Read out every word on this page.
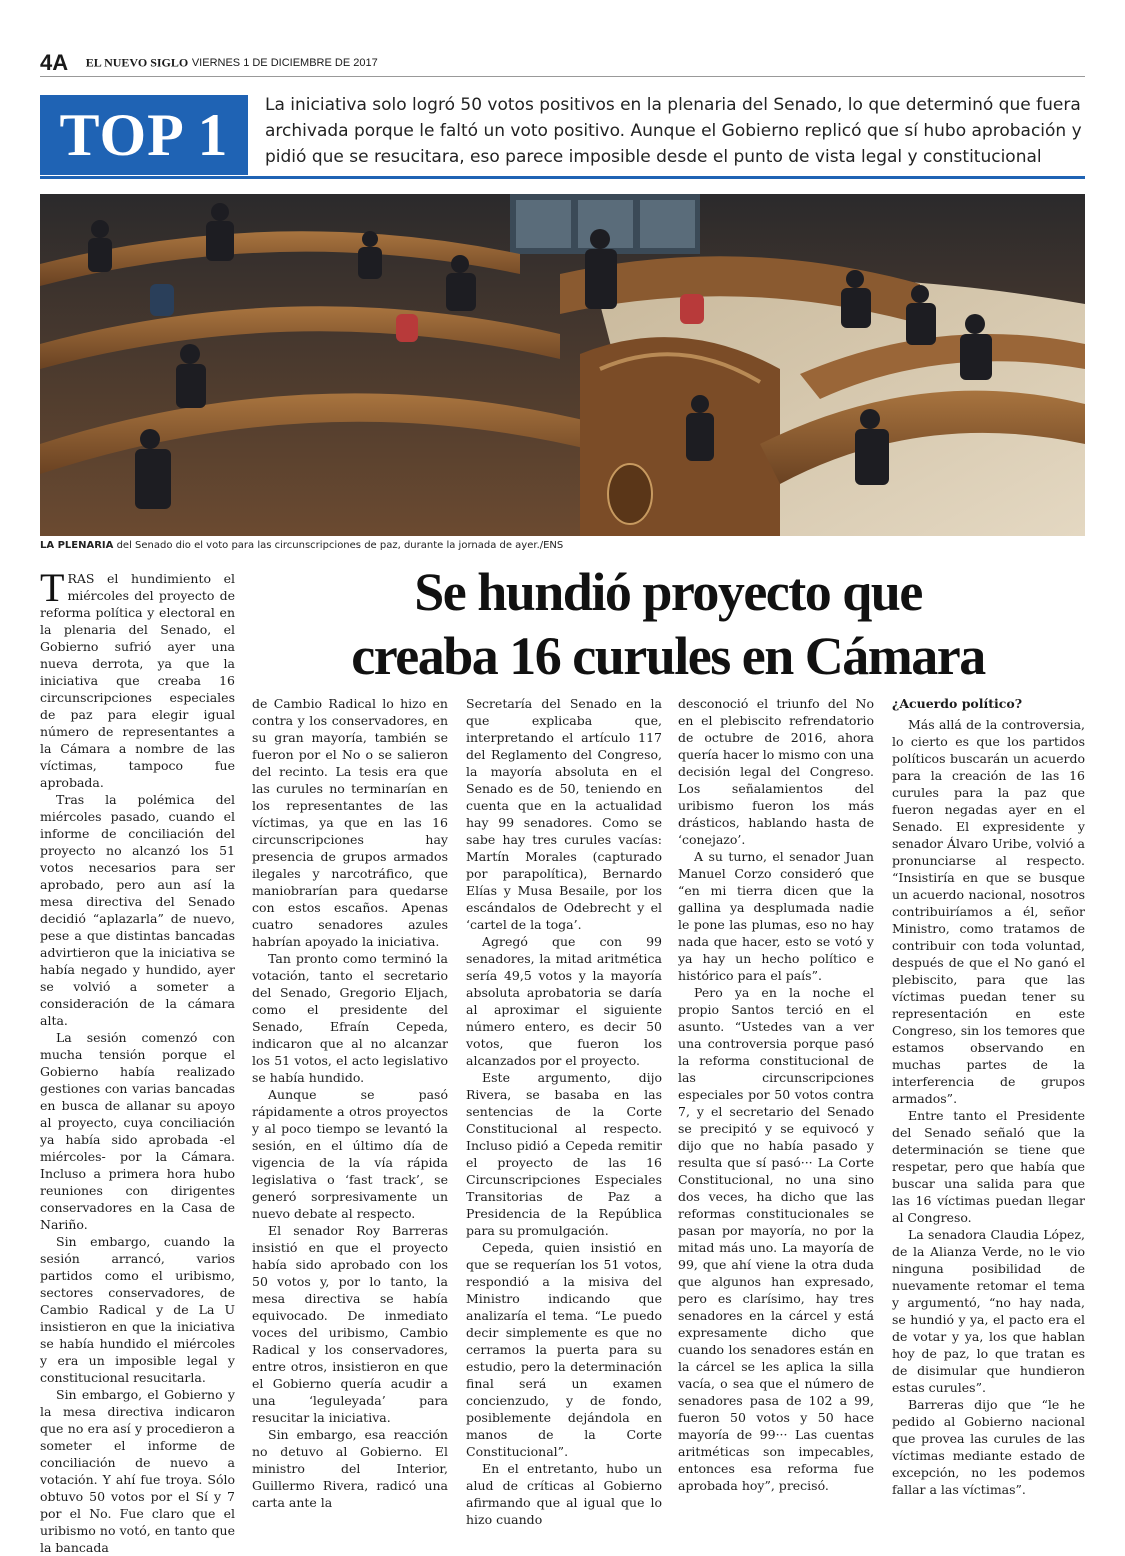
4A EL NUEVO SIGLO VIERNES 1 DE DICIEMBRE DE 2017
TOP 1	La iniciativa solo logró 50 votos positivos en la plenaria del Senado, lo que determinó que fuera archivada porque le faltó un voto positivo. Aunque el Gobierno replicó que sí hubo aprobación y pidió que se resucitara, eso parece imposible desde el punto de vista legal y constitucional
LA PLENARIA del Senado dio el voto para las circunscripciones de paz, durante la jornada de ayer./ENS
Se hundió proyecto que
creaba 16 curules en Cámara

TRAS el hundimiento el miércoles del proyecto de reforma política y electoral en la plenaria del Senado, el Gobierno sufrió ayer una nueva derrota, ya que la iniciativa que creaba 16 circunscripciones especiales de paz para elegir igual número de representantes a la Cámara a nombre de las víctimas, tampoco fue aprobada.

Tras la polémica del miércoles pasado, cuando el informe de conciliación del proyecto no alcanzó los 51 votos necesarios para ser aprobado, pero aun así la mesa directiva del Senado decidió “aplazarla” de nuevo, pese a que distintas bancadas advirtieron que la iniciativa se había negado y hundido, ayer se volvió a someter a consideración de la cámara alta.

La sesión comenzó con mucha tensión porque el Gobierno había realizado gestiones con varias bancadas en busca de allanar su apoyo al proyecto, cuya conciliación ya había sido aprobada -el miércoles- por la Cámara. Incluso a primera hora hubo reuniones con dirigentes conservadores en la Casa de Nariño.

Sin embargo, cuando la sesión arrancó, varios partidos como el uribismo, sectores conservadores, de Cambio Radical y de La U insistieron en que la iniciativa se había hundido el miércoles y era un imposible legal y constitucional resucitarla.

Sin embargo, el Gobierno y la mesa directiva indicaron que no era así y procedieron a someter el informe de conciliación de nuevo a votación. Y ahí fue troya. Sólo obtuvo 50 votos por el Sí y 7 por el No. Fue claro que el uribismo no votó, en tanto que la bancada

de Cambio Radical lo hizo en contra y los conservadores, en su gran mayoría, también se fueron por el No o se salieron del recinto. La tesis era que las curules no terminarían en los representantes de las víctimas, ya que en las 16 circunscripciones hay presencia de grupos armados ilegales y narcotráfico, que maniobrarían para quedarse con estos escaños. Apenas cuatro senadores azules habrían apoyado la iniciativa.

Tan pronto como terminó la votación, tanto el secretario del Senado, Gregorio Eljach, como el presidente del Senado, Efraín Cepeda, indicaron que al no alcanzar los 51 votos, el acto legislativo se había hundido.

Aunque se pasó rápidamente a otros proyectos y al poco tiempo se levantó la sesión, en el último día de vigencia de la vía rápida legislativa o ‘fast track’, se generó sorpresivamente un nuevo debate al respecto.

El senador Roy Barreras insistió en que el proyecto había sido aprobado con los 50 votos y, por lo tanto, la mesa directiva se había equivocado. De inmediato voces del uribismo, Cambio Radical y los conservadores, entre otros, insistieron en que el Gobierno quería acudir a una ‘leguleyada’ para resucitar la iniciativa.

Sin embargo, esa reacción no detuvo al Gobierno. El ministro del Interior, Guillermo Rivera, radicó una carta ante la

Secretaría del Senado en la que explicaba que, interpretando el artículo 117 del Reglamento del Congreso, la mayoría absoluta en el Senado es de 50, teniendo en cuenta que en la actualidad hay 99 senadores. Como se sabe hay tres curules vacías: Martín Morales (capturado por parapolítica), Bernardo Elías y Musa Besaile, por los escándalos de Odebrecht y el ‘cartel de la toga’.

Agregó que con 99 senadores, la mitad aritmética sería 49,5 votos y la mayoría absoluta aprobatoria se daría al aproximar el siguiente número entero, es decir 50 votos, que fueron los alcanzados por el proyecto.

Este argumento, dijo Rivera, se basaba en las sentencias de la Corte Constitucional al respecto. Incluso pidió a Cepeda remitir el proyecto de las 16 Circunscripciones Especiales Transitorias de Paz a Presidencia de la República para su promulgación.

Cepeda, quien insistió en que se requerían los 51 votos, respondió a la misiva del Ministro indicando que analizaría el tema. “Le puedo decir simplemente es que no cerramos la puerta para su estudio, pero la determinación final será un examen concienzudo, y de fondo, posiblemente dejándola en manos de la Corte Constitucional”.

En el entretanto, hubo un alud de críticas al Gobierno afirmando que al igual que lo hizo cuando

desconoció el triunfo del No en el plebiscito refrendatorio de octubre de 2016, ahora quería hacer lo mismo con una decisión legal del Congreso. Los señalamientos del uribismo fueron los más drásticos, hablando hasta de ‘conejazo’.

A su turno, el senador Juan Manuel Corzo consideró que “en mi tierra dicen que la gallina ya desplumada nadie le pone las plumas, eso no hay nada que hacer, esto se votó y ya hay un hecho político e histórico para el país”.

Pero ya en la noche el propio Santos terció en el asunto. “Ustedes van a ver una controversia porque pasó la reforma constitucional de las circunscripciones especiales por 50 votos contra 7, y el secretario del Senado se precipitó y se equivocó y dijo que no había pasado y resulta que sí pasó··· La Corte Constitucional, no una sino dos veces, ha dicho que las reformas constitucionales se pasan por mayoría, no por la mitad más uno. La mayoría de 99, que ahí viene la otra duda que algunos han expresado, pero es clarísimo, hay tres senadores en la cárcel y está expresamente dicho que cuando los senadores están en la cárcel se les aplica la silla vacía, o sea que el número de senadores pasa de 102 a 99, fueron 50 votos y 50 hace mayoría de 99··· Las cuentas aritméticas son impecables, entonces esa reforma fue aprobada hoy”, precisó.

¿Acuerdo político?

Más allá de la controversia, lo cierto es que los partidos políticos buscarán un acuerdo para la creación de las 16 curules para la paz que fueron negadas ayer en el Senado. El expresidente y senador Álvaro Uribe, volvió a pronunciarse al respecto. “Insistiría en que se busque un acuerdo nacional, nosotros contribuiríamos a él, señor Ministro, como tratamos de contribuir con toda voluntad, después de que el No ganó el plebiscito, para que las víctimas puedan tener su representación en este Congreso, sin los temores que estamos observando en muchas partes de la interferencia de grupos armados”.

Entre tanto el Presidente del Senado señaló que la determinación se tiene que respetar, pero que había que buscar una salida para que las 16 víctimas puedan llegar al Congreso.

La senadora Claudia López, de la Alianza Verde, no le vio ninguna posibilidad de nuevamente retomar el tema y argumentó, “no hay nada, se hundió y ya, el pacto era el de votar y ya, los que hablan hoy de paz, lo que tratan es de disimular que hundieron estas curules”.

Barreras dijo que “le he pedido al Gobierno nacional que provea las curules de las víctimas mediante estado de excepción, no les podemos fallar a las víctimas”.
